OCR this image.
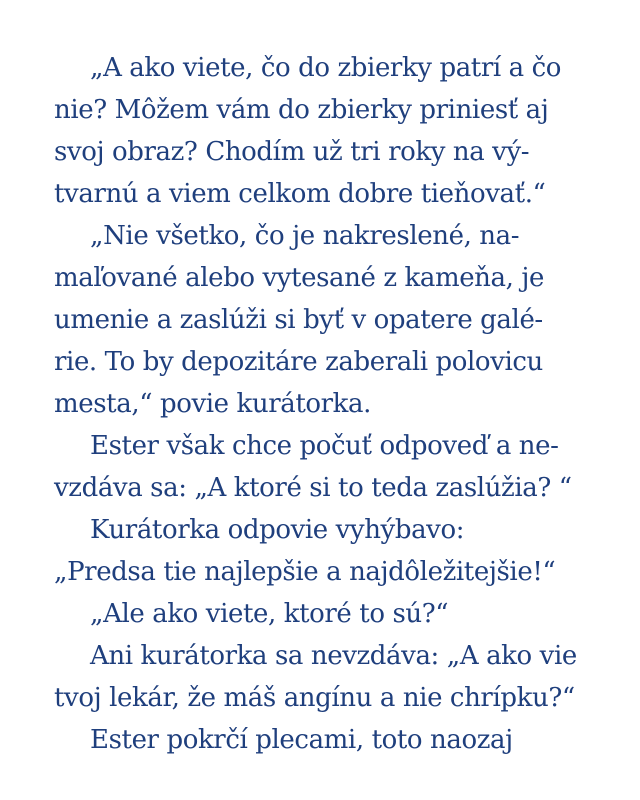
„A ako viete, čo do zbierky patrí a čo
nie? Môžem vám do zbierky priniesť aj
svoj obraz? Chodím už tri roky na vý-
tvarnú a viem celkom dobre tieňovať.“
„Nie všetko, čo je nakreslené, na-
maľované alebo vytesané z kameňa, je
umenie a zaslúži si byť v opatere galé-
rie. To by depozitáre zaberali polovicu
mesta,“ povie kurátorka.
Ester však chce počuť odpoveď a ne-
vzdáva sa: „A ktoré si to teda zaslúžia? “
Kurátorka odpovie vyhýbavo:
„Predsa tie najlepšie a najdôležitejšie!“
„Ale ako viete, ktoré to sú?“
Ani kurátorka sa nevzdáva: „A ako vie
tvoj lekár, že máš angínu a nie chrípku?“
Ester pokrčí plecami, toto naozaj
